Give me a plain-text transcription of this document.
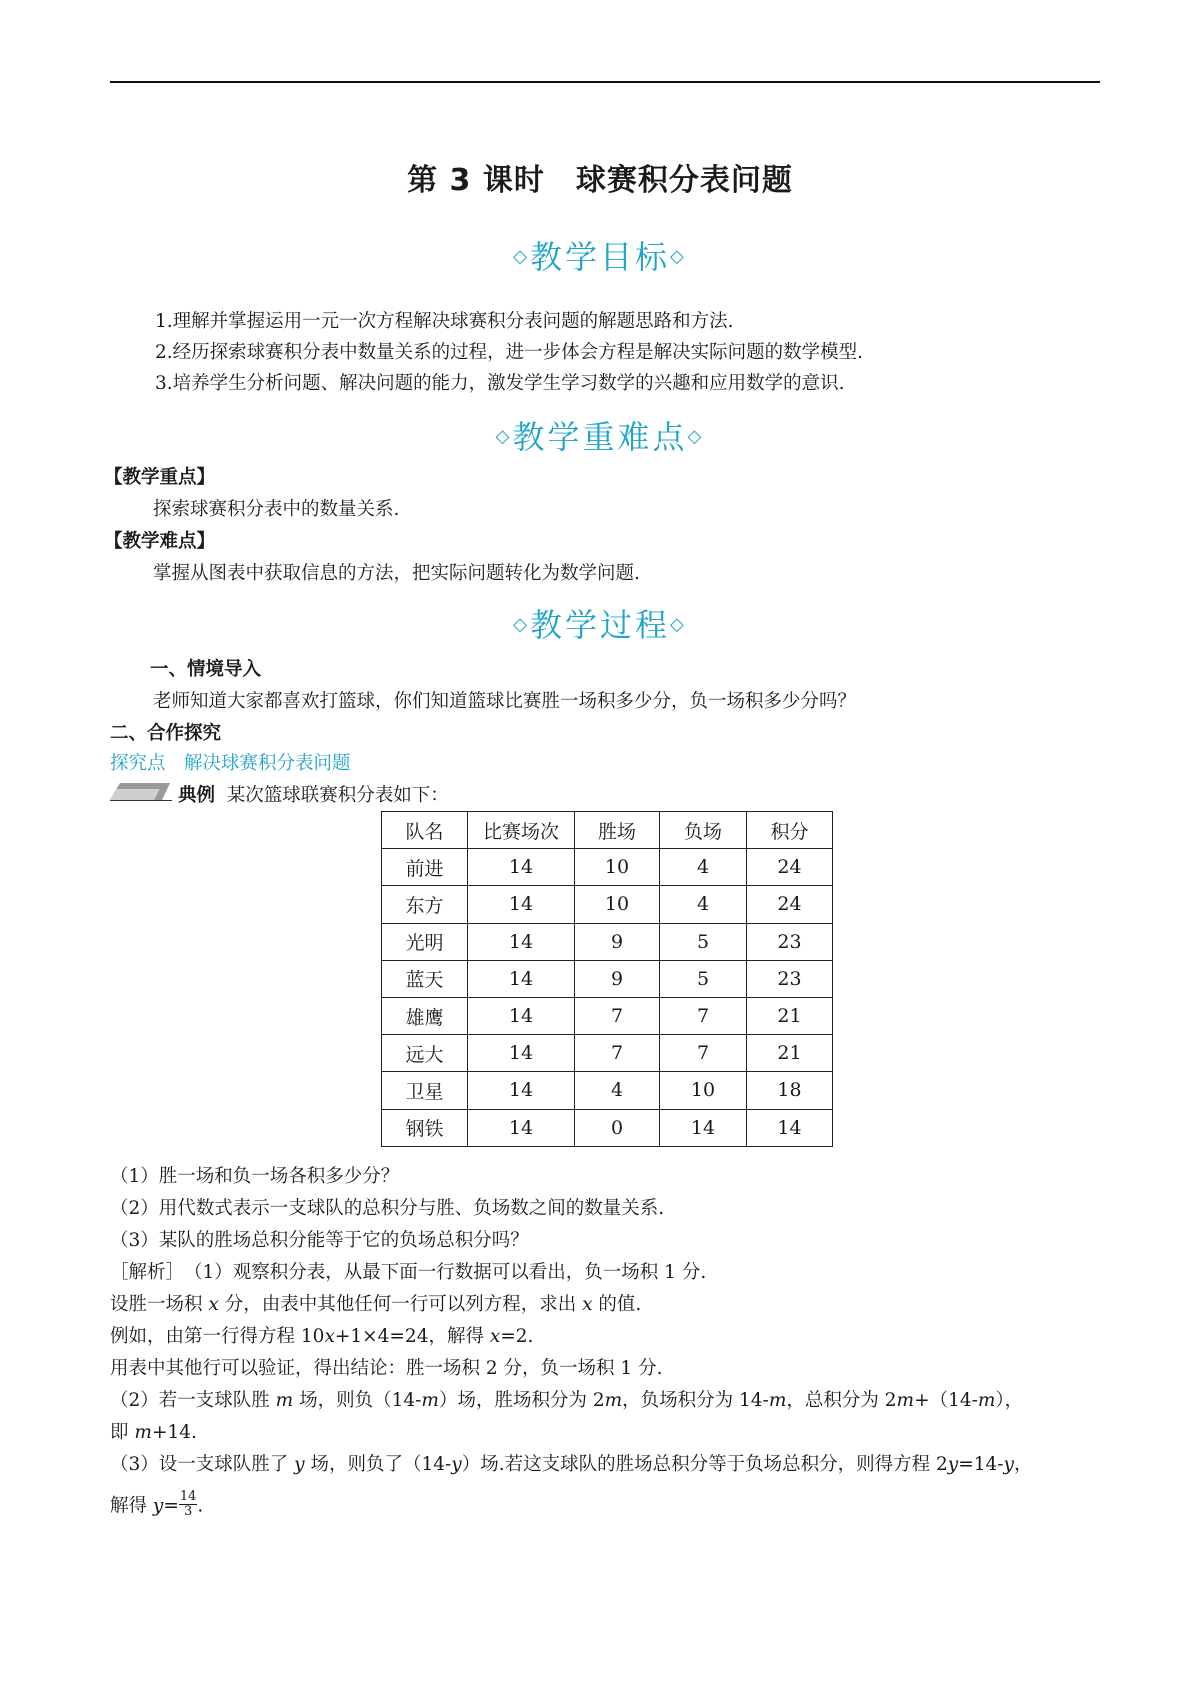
第 3 课时　球赛积分表问题
◇教学目标◇
1.理解并掌握运用一元一次方程解决球赛积分表问题的解题思路和方法.
2.经历探索球赛积分表中数量关系的过程，进一步体会方程是解决实际问题的数学模型.
3.培养学生分析问题、解决问题的能力，激发学生学习数学的兴趣和应用数学的意识.
◇教学重难点◇
【教学重点】
探索球赛积分表中的数量关系.
【教学难点】
掌握从图表中获取信息的方法，把实际问题转化为数学问题.
◇教学过程◇
一、情境导入
老师知道大家都喜欢打篮球，你们知道篮球比赛胜一场积多少分，负一场积多少分吗？
二、合作探究
探究点　解决球赛积分表问题
典例 某次篮球联赛积分表如下：
队名	比赛场次	胜场	负场	积分
前进	14	10	4	24
东方	14	10	4	24
光明	14	9	5	23
蓝天	14	9	5	23
雄鹰	14	7	7	21
远大	14	7	7	21
卫星	14	4	10	18
钢铁	14	0	14	14
（1）胜一场和负一场各积多少分？
（2）用代数式表示一支球队的总积分与胜、负场数之间的数量关系.
（3）某队的胜场总积分能等于它的负场总积分吗？
［解析］　（1）观察积分表，从最下面一行数据可以看出，负一场积 1 分.
设胜一场积 x 分，由表中其他任何一行可以列方程，求出 x 的值.
例如，由第一行得方程 10x+1×4=24，解得 x=2.
用表中其他行可以验证，得出结论：胜一场积 2 分，负一场积 1 分.
（2）若一支球队胜 m 场，则负（14-m）场，胜场积分为 2m，负场积分为 14-m，总积分为 2m+（14-m），
即 m+14.
（3）设一支球队胜了 y 场，则负了（14-y）场.若这支球队的胜场总积分等于负场总积分，则得方程 2y=14-y，
解得 $y= \frac{14}{3}$ .
